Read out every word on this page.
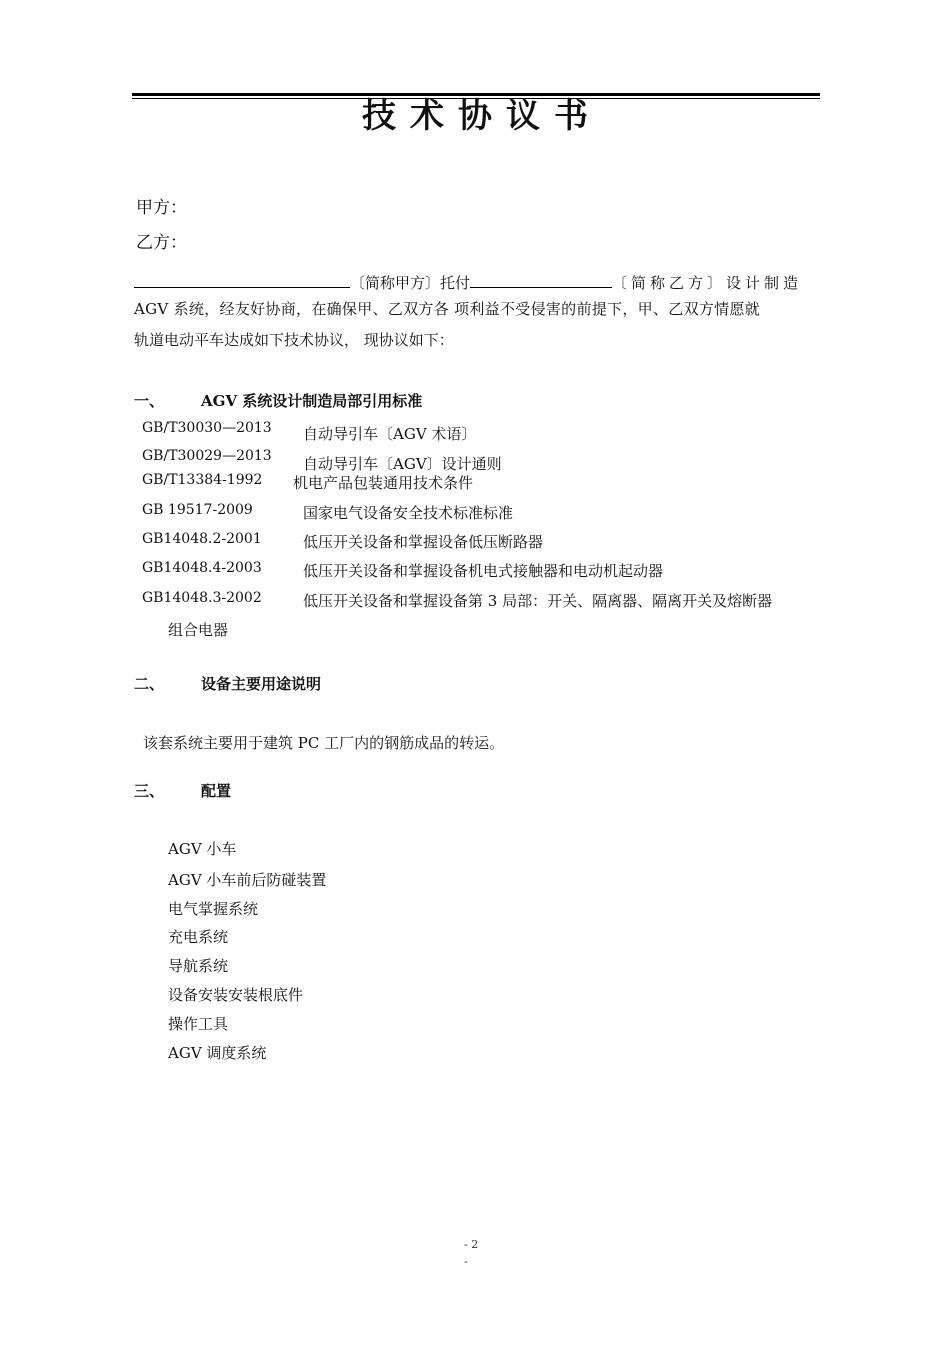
技术协议书
甲方：
乙方：
〔简称甲方〕托付	〔简称乙方〕设计制造
AGV 系统，经友好协商，在确保甲、乙双方各 项利益不受侵害的前提下，甲、乙双方情愿就
轨道电动平车达成如下技术协议， 现协议如下：
一、 AGV 系统设计制造局部引用标准
GB/T30030—2013 自动导引车〔AGV 术语〕
GB/T30029—2013 自动导引车〔AGV〕设计通则
GB/T13384-1992 机电产品包装通用技术条件
GB 19517-2009	国家电气设备安全技术标准标准
GB14048.2-2001	低压开关设备和掌握设备低压断路器
GB14048.4-2003	低压开关设备和掌握设备机电式接触器和电动机起动器
GB14048.3-2002	低压开关设备和掌握设备第 3 局部：开关、隔离器、隔离开关及熔断器
组合电器
二、 设备主要用途说明
该套系统主要用于建筑 PC 工厂内的钢筋成品的转运。
三、 配置
AGV 小车
AGV 小车前后防碰装置
电气掌握系统
充电系统
导航系统
设备安装安装根底件
操作工具
AGV 调度系统
- 2
-
